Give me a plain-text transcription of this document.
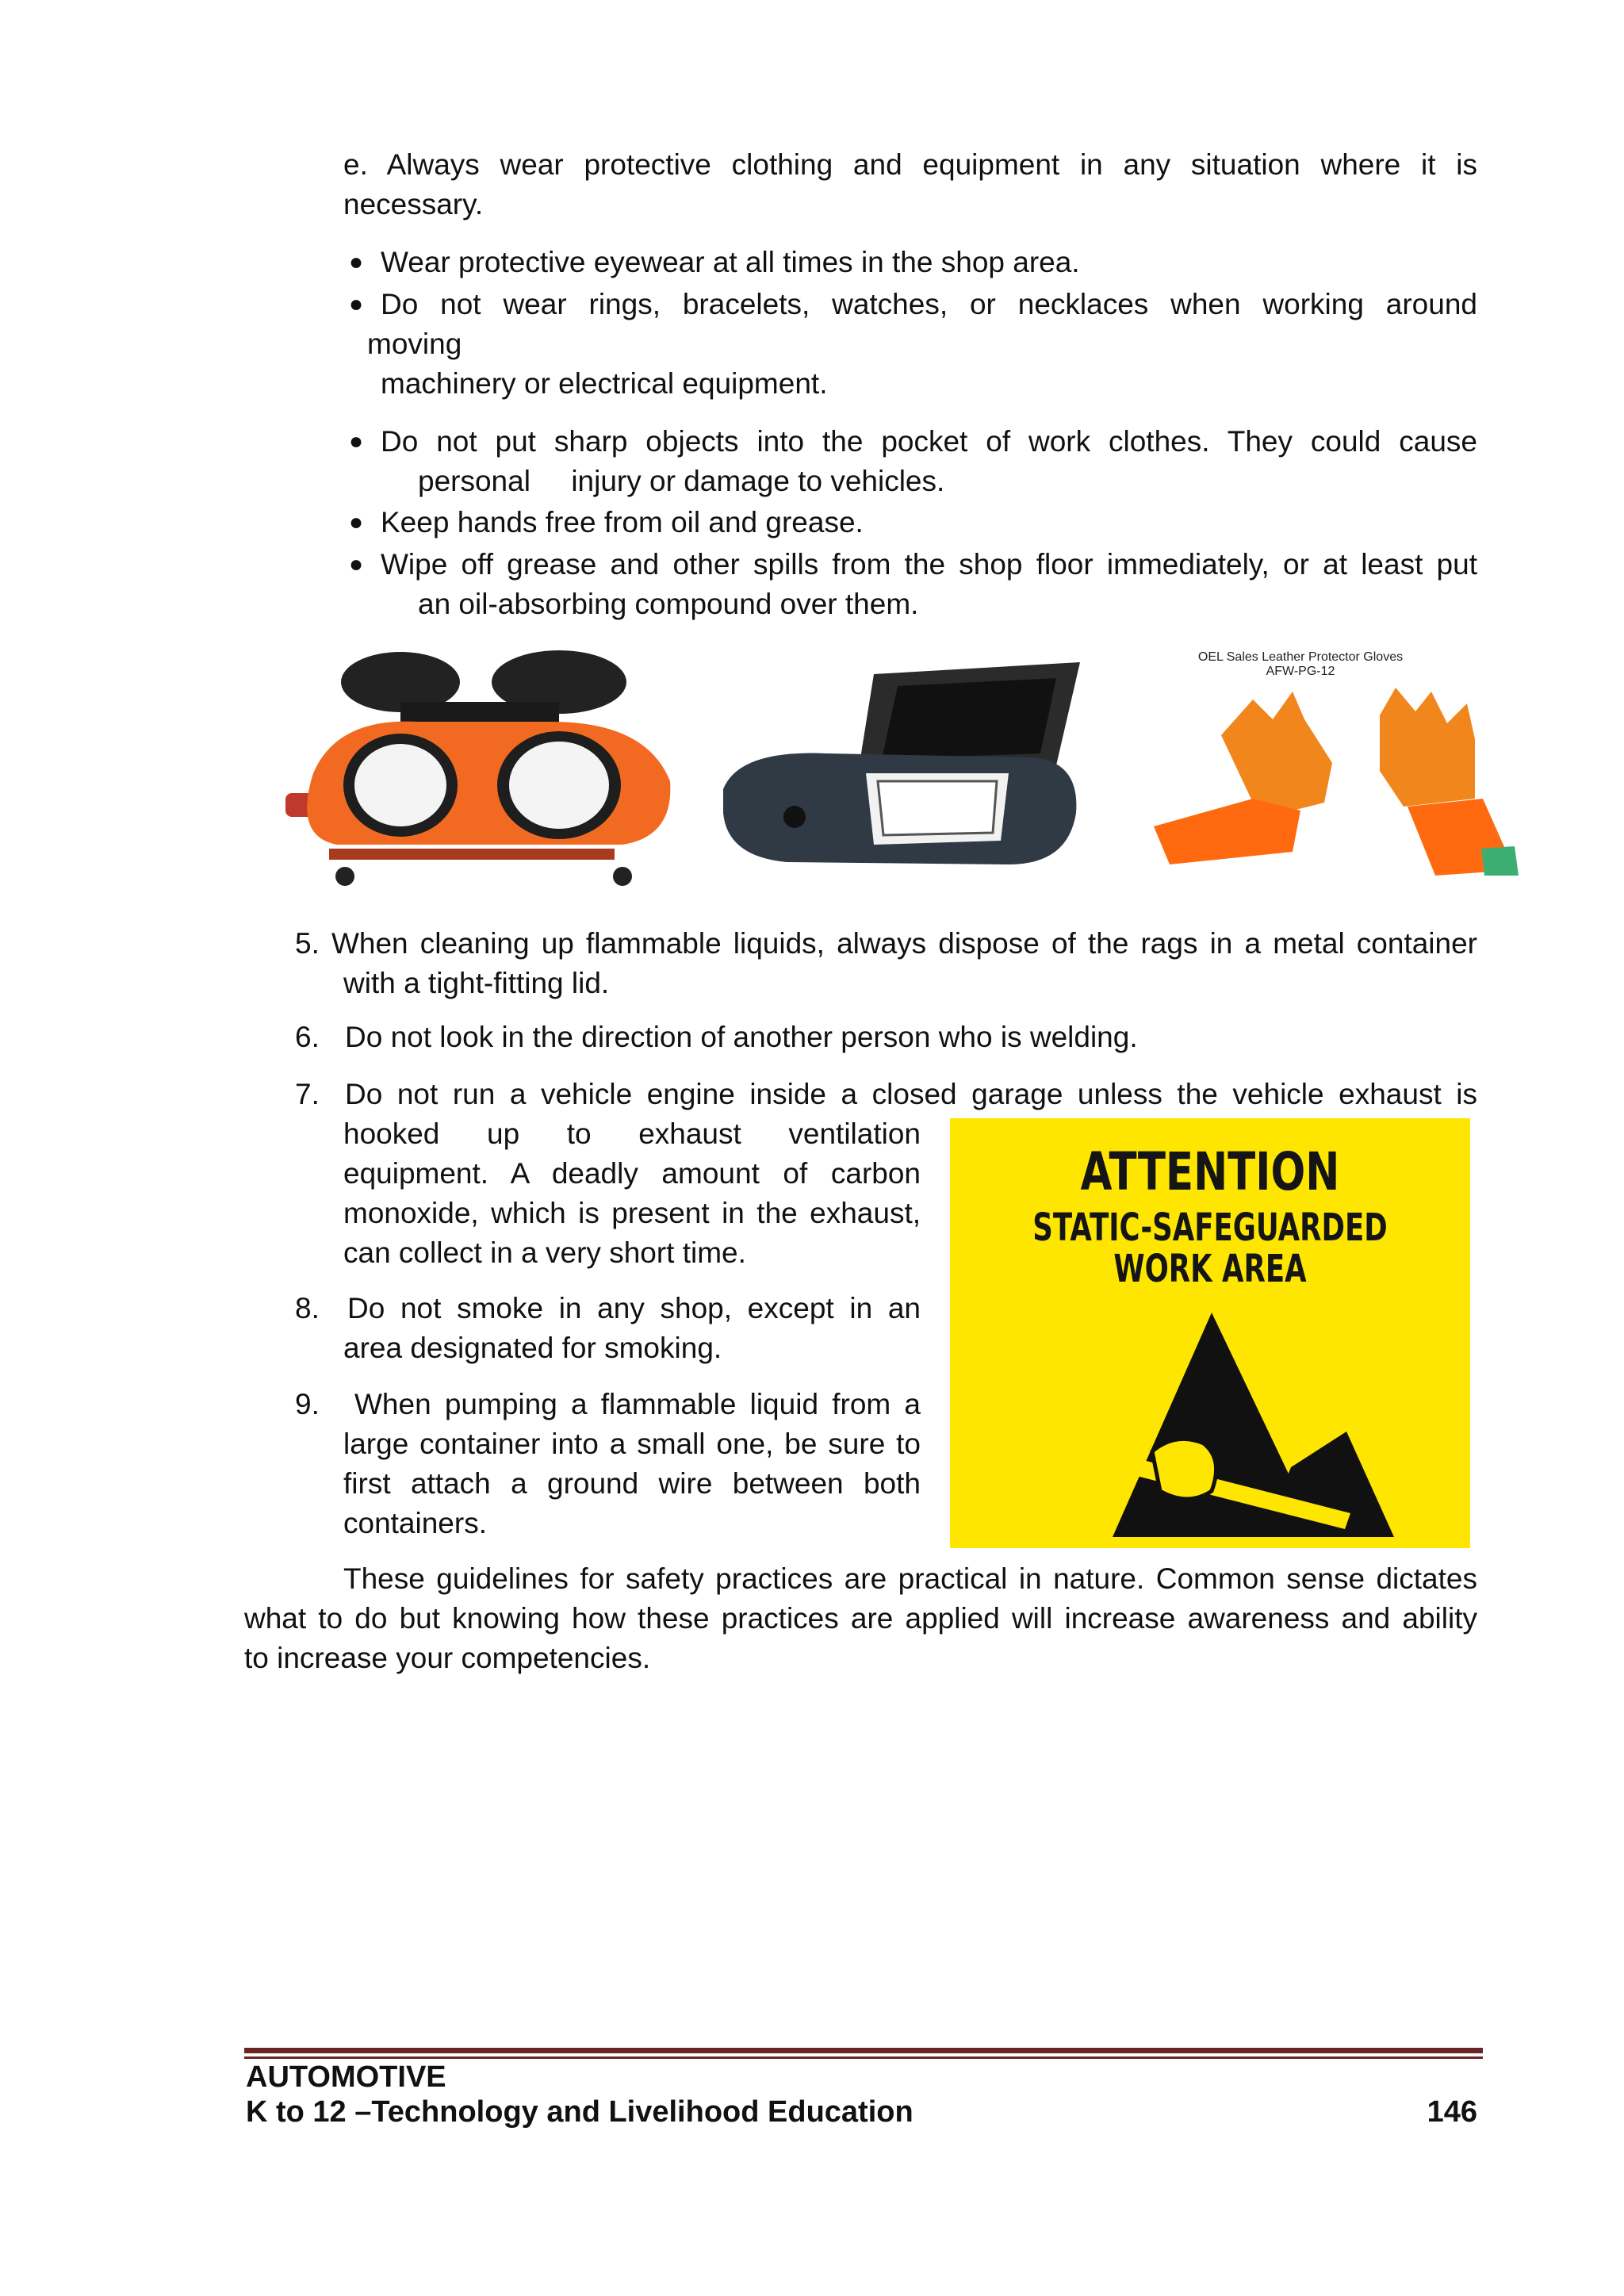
e. Always wear protective clothing and equipment in any situation where it is
necessary.
● Wear protective eyewear at all times in the shop area.
● Do not wear rings, bracelets, watches, or necklaces when working around
moving
machinery or electrical equipment.
● Do not put sharp objects into the pocket of work clothes. They could cause
personal     injury or damage to vehicles.
● Keep hands free from oil and grease.
● Wipe off grease and other spills from the shop floor immediately, or at least put
an oil-absorbing compound over them.
OEL Sales Leather Protector Gloves
AFW-PG-12
5. When cleaning up flammable liquids, always dispose of the rags in a metal container
with a tight-fitting lid.
6. Do not look in the direction of another person who is welding.
7. Do not run a vehicle engine inside a closed garage unless the vehicle exhaust is
hooked up to exhaust ventilation
equipment. A deadly amount of carbon
monoxide, which is present in the exhaust,
can collect in a very short time.
8. Do not smoke in any shop, except in an
area designated for smoking.
9. When pumping a flammable liquid from a
large container into a small one, be sure to
first attach a ground wire between both
containers.
ATTENTION
STATIC-SAFEGUARDED
WORK AREA
These guidelines for safety practices are practical in nature. Common sense dictates
what to do but knowing how these practices are applied will increase awareness and ability
to increase your competencies.
AUTOMOTIVE
K to 12 –Technology and Livelihood Education	146
